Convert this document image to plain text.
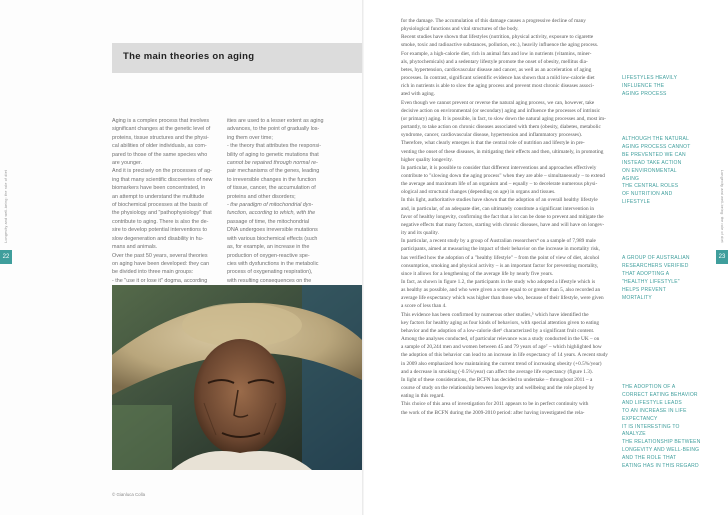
Longevity and well-being: the role of diet
22
The main theories on aging

Aging is a complex process that involves

significant changes at the genetic level of

proteins, tissue structures and the physi-

cal abilities of older individuals, as com-

pared to those of the same species who

are younger.

And it is precisely on the processes of ag-

ing that many scientific discoveries of new

biomarkers have been concentrated, in

an attempt to understand the multitude

of biochemical processes at the basis of

the physiology and "pathophysiology" that

contribute to aging. There is also the de-

sire to develop potential interventions to

slow degeneration and disability in hu-

mans and animals.

Over the past 50 years, several theories

on aging have been developed: they can

be divided into three main groups:

- the "use it or lose it" dogma, according

ities are used to a lesser extent as aging

advances, to the point of gradually los-

ing them over time;

- the theory that attributes the responsi-

bility of aging to genetic mutations that

cannot be repaired through normal re-

pair mechanisms of the genes, leading

to irreversible changes in the function

of tissue, cancer, the accumulation of

proteins and other disorders;

- the paradigm of mitochondrial dys-

function, according to which, with the

passage of time, the mitochondrial

DNA undergoes irreversible mutations

with various biochemical effects (such

as, for example, an increase in the

production of oxygen-reactive spe-

cies with dysfunctions in the metabolic

process of oxygenating respiration),

with resulting consequences on the

© Gianluca Colla
Longevity and well-being: the role of diet
23

for the damage. The accumulation of this damage causes a progressive decline of many

physiological functions and vital structures of the body.

Recent studies have shown that lifestyles (nutrition, physical activity, exposure to cigarette

smoke, toxic and radioactive substances, pollution, etc.), heavily influence the aging process.

For example, a high-calorie diet, rich in animal fats and low in nutrients (vitamins, miner-

als, phytochemicals) and a sedentary lifestyle promote the onset of obesity, mellitus dia-

betes, hypertension, cardiovascular disease and cancer, as well as an acceleration of aging

processes. In contrast, significant scientific evidence has shown that a mild low-calorie diet

rich in nutrients is able to slow the aging process and prevent most chronic diseases associ-

ated with aging.

Even though we cannot prevent or reverse the natural aging process, we can, however, take

decisive action on environmental (or secondary) aging and influence the processes of intrinsic

(or primary) aging. It is possible, in fact, to slow down the natural aging processes and, most im-

portantly, to take action on chronic diseases associated with them (obesity, diabetes, metabolic

syndrome, cancer, cardiovascular disease, hypertension and inflammatory processes).

Therefore, what clearly emerges is that the central role of nutrition and lifestyle in pre-

venting the onset of these diseases, in mitigating their effects and then, ultimately, in promoting

higher quality longevity.

In particular, it is possible to consider that different interventions and approaches effectively

contribute to "slowing down the aging process" when they are able – simultaneously – to extend

the average and maximum life of an organism and – equally – to decelerate numerous physi-

ological and structural changes (depending on age) in organs and tissues.

In this light, authoritative studies have shown that the adoption of an overall healthy lifestyle

and, in particular, of an adequate diet, can ultimately constitute a significant intervention in

favor of healthy longevity, confirming the fact that a lot can be done to prevent and mitigate the

negative effects that many factors, starting with chronic diseases, have and will have on longev-

ity and its quality.

In particular, a recent study by a group of Australian researchers⁴ on a sample of 7,989 male

participants, aimed at measuring the impact of their behavior on the increase in mortality risk,

has verified how the adoption of a "healthy lifestyle" – from the point of view of diet, alcohol

consumption, smoking and physical activity – is an important factor for preventing mortality,

since it allows for a lengthening of the average life by nearly five years.

In fact, as shown in figure 1.2, the participants in the study who adopted a lifestyle which is

as healthy as possible, and who were given a score equal to or greater than 5, also recorded an

average life expectancy which was higher than those who, because of their lifestyle, were given

a score of less than 4.

This evidence has been confirmed by numerous other studies,⁵ which have identified the

key factors for healthy aging as four kinds of behaviors, with special attention given to eating

behavior and the adoption of a low-calorie diet⁶ characterized by a significant fruit content.

Among the analyses conducted, of particular relevance was a study conducted in the UK – on

a sample of 20,244 men and women between 45 and 79 years of age⁷ – which highlighted how

the adoption of this behavior can lead to an increase in life expectancy of 14 years. A recent study

in 2009 also emphasized how maintaining the current trend of increasing obesity (+0.5%/year)

and a decrease in smoking (-0.5%/year) can affect the average life expectancy (figure 1.3).

In light of these considerations, the BCFN has decided to undertake – throughout 2011 – a

course of study on the relationship between longevity and wellbeing and the role played by

eating in this regard.

This choice of this area of investigation for 2011 appears to be in perfect continuity with

the work of the BCFN during the 2009-2010 period: after having investigated the rela-

LIFESTYLES HEAVILY

INFLUENCE THE

AGING PROCESS

ALTHOUGH THE NATURAL

AGING PROCESS CANNOT

BE PREVENTED WE CAN

INSTEAD TAKE ACTION

ON ENVIRONMENTAL

AGING

THE CENTRAL ROLES

OF NUTRITION AND

LIFESTYLE

A GROUP OF AUSTRALIAN

RESEARCHERS VERIFIED

THAT ADOPTING A

"HEALTHY LIFESTYLE"

HELPS PREVENT

MORTALITY

THE ADOPTION OF A

CORRECT EATING BEHAVIOR

AND LIFESTYLE LEADS

TO AN INCREASE IN LIFE

EXPECTANCY

IT IS INTERESTING TO ANALYZE

THE RELATIONSHIP BETWEEN

LONGEVITY AND WELL-BEING

AND THE ROLE THAT

EATING HAS IN THIS REGARD
